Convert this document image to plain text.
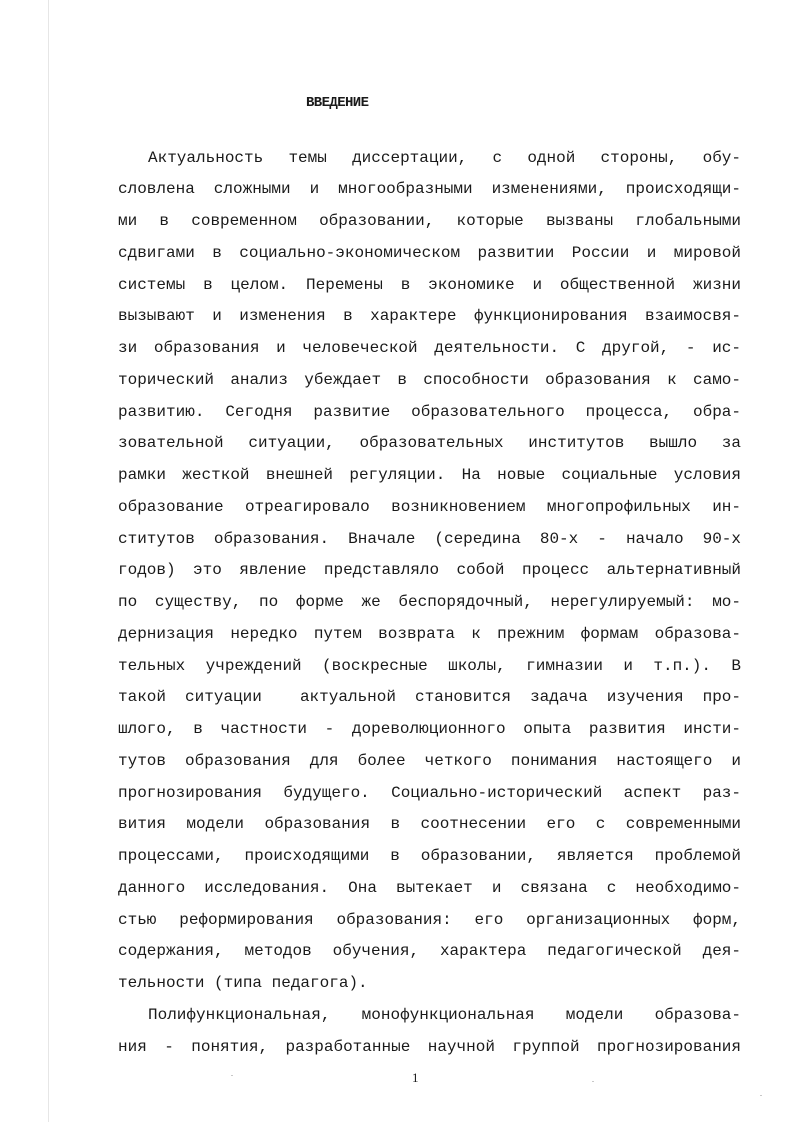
ВВЕДЕНИЕ
Актуальность темы диссертации, с одной стороны, обу-
словлена сложными и многообразными изменениями, происходящи-
ми в современном образовании, которые вызваны глобальными
сдвигами в социально-экономическом развитии России и мировой
системы в целом. Перемены в экономике и общественной жизни
вызывают и изменения в характере функционирования взаимосвя-
зи образования и человеческой деятельности. С другой, - ис-
торический анализ убеждает в способности образования к само-
развитию. Сегодня развитие образовательного процесса, обра-
зовательной ситуации, образовательных институтов вышло за
рамки жесткой внешней регуляции. На новые социальные условия
образование отреагировало возникновением многопрофильных ин-
ститутов образования. Вначале (середина 80-х - начало 90-х
годов) это явление представляло собой процесс альтернативный
по существу, по форме же беспорядочный, нерегулируемый: мо-
дернизация нередко путем возврата к прежним формам образова-
тельных учреждений (воскресные школы, гимназии и т.п.). В
такой ситуации  актуальной становится задача изучения про-
шлого, в частности - дореволюционного опыта развития инсти-
тутов образования для более четкого понимания настоящего и
прогнозирования будущего. Социально-исторический аспект раз-
вития модели образования в соотнесении его с современными
процессами, происходящими в образовании, является проблемой
данного исследования. Она вытекает и связана с необходимо-
стью реформирования образования: его организационных форм,
содержания, методов обучения, характера педагогической дея-
тельности (типа педагога).
Полифункциональная, монофункциональная модели образова-
ния - понятия, разработанные научной группой прогнозирования
1
